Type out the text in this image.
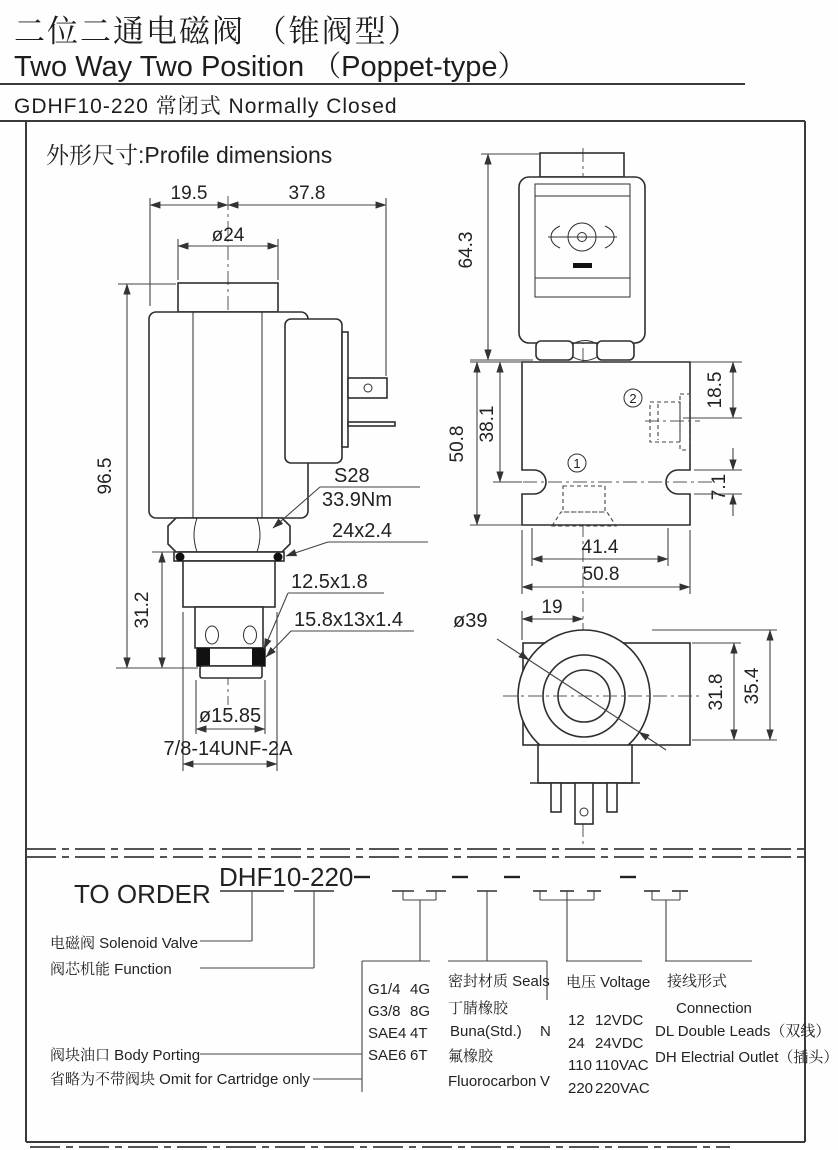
二位二通电磁阀 （锥阀型）
Two Way Two Position （Poppet-type）
GDHF10-220 常闭式 Normally Closed
外形尺寸:Profile dimensions
19.5	37.8
ø24
96.5
31.2
S28
33.9Nm
24x2.4
12.5x1.8
15.8x13x1.4
ø15.85
7/8-14UNF-2A
2
1
64.3
50.8
38.1
18.5
7.1
41.4
50.8
ø39
19
31.8 35.4
TO ORDER
DHF10-220
电磁阀 Solenoid Valve
阀芯机能 Function
阀块油口 Body Porting
省略为不带阀块 Omit for Cartridge only
G1/4 4G
G3/8 8G
SAE4 4T
SAE6 6T
密封材质 Seals
丁腈橡胶
Buna(Std.) N
氟橡胶
Fluorocarbon V
电压 Voltage
12 12VDC
24 24VDC
110 110VAC
220 220VAC
接线形式
Connection
DL Double Leads（双线）
DH Electrial Outlet（插头）
